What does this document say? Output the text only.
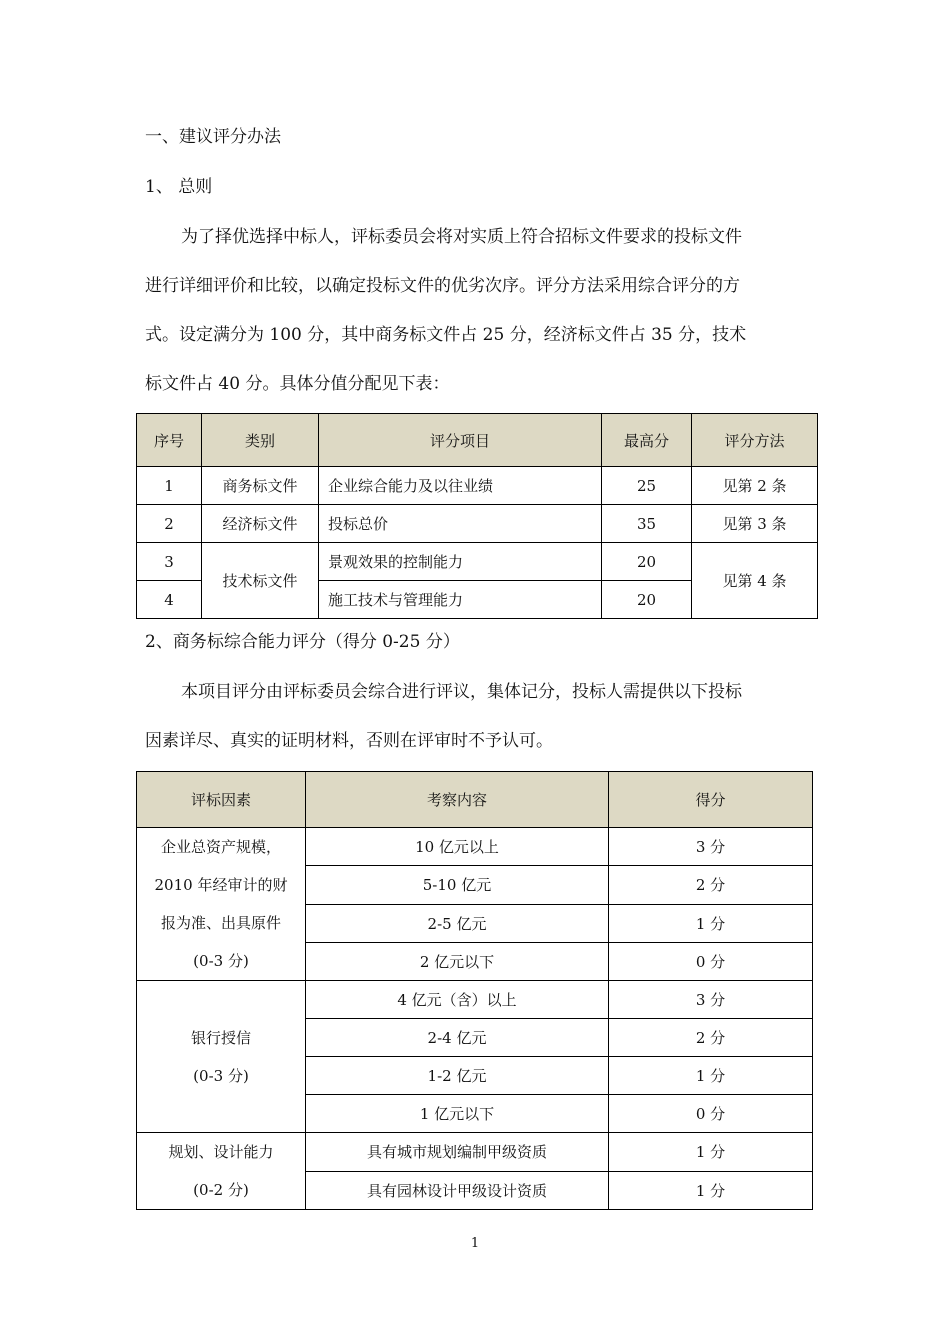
一、建议评分办法
1、 总则
为了择优选择中标人，评标委员会将对实质上符合招标文件要求的投标文件
进行详细评价和比较，以确定投标文件的优劣次序。评分方法采用综合评分的方
式。设定满分为 100 分，其中商务标文件占 25 分，经济标文件占 35 分，技术
标文件占 40 分。具体分值分配见下表：
序号	类别	评分项目	最高分	评分方法
1	商务标文件	企业综合能力及以往业绩	25	见第 2 条
2	经济标文件	投标总价	35	见第 3 条
3	技术标文件	景观效果的控制能力	20	见第 4 条
4		施工技术与管理能力	20	
2、商务标综合能力评分（得分 0-25 分）
本项目评分由评标委员会综合进行评议，集体记分，投标人需提供以下投标
因素详尽、真实的证明材料，否则在评审时不予认可。
评标因素	考察内容	得分

企业总资产规模，
2010 年经审计的财
报为准、出具原件
(0-3 分)	10 亿元以上	3 分
	5-10 亿元	2 分
	2-5 亿元	1 分
	2 亿元以下	0 分

银行授信
(0-3 分)	4 亿元（含）以上	3 分
	2-4 亿元	2 分
	1-2 亿元	1 分
	1 亿元以下	0 分

规划、设计能力
(0-2 分)	具有城市规划编制甲级资质	1 分
	具有园林设计甲级设计资质	1 分
1
